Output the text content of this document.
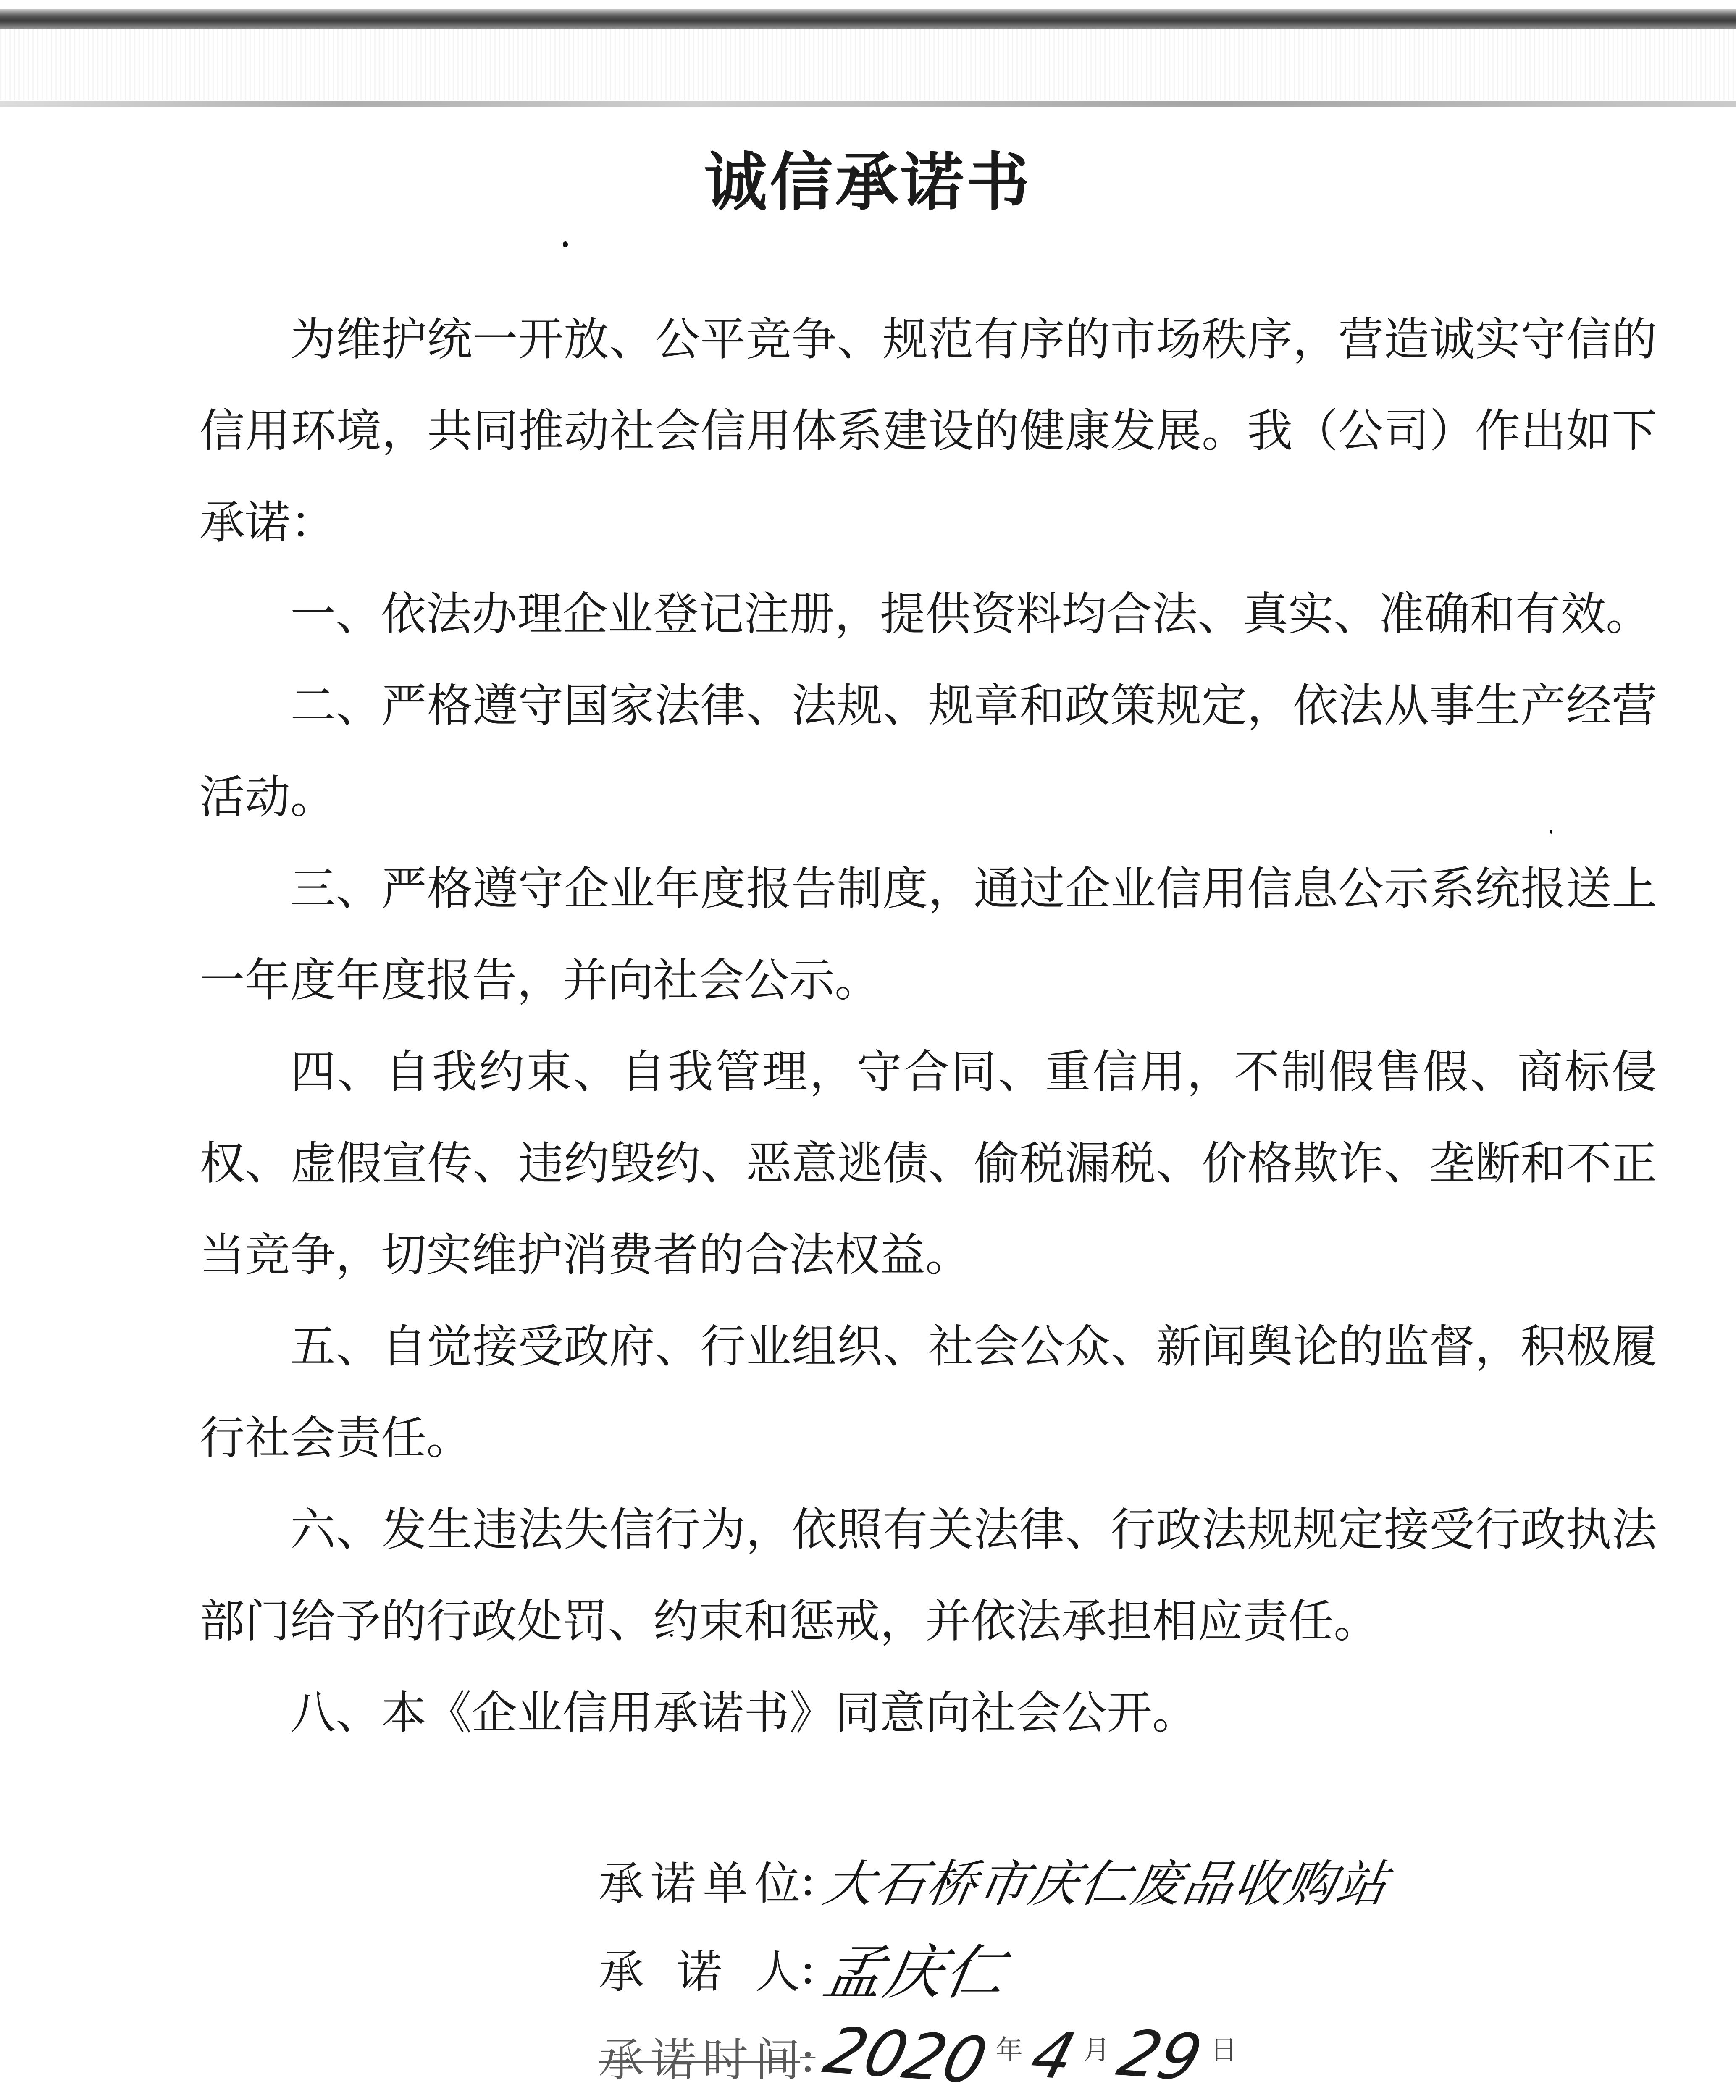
诚信承诺书

为维护统一开放、公平竞争、规范有序的市场秩序，营造诚实守信的信用环境，共同推动社会信用体系建设的健康发展。我（公司）作出如下承诺：

一、依法办理企业登记注册，提供资料均合法、真实、准确和有效。

二、严格遵守国家法律、法规、规章和政策规定，依法从事生产经营活动。

三、严格遵守企业年度报告制度，通过企业信用信息公示系统报送上一年度年度报告，并向社会公示。

四、自我约束、自我管理，守合同、重信用，不制假售假、商标侵权、虚假宣传、违约毁约、恶意逃债、偷税漏税、价格欺诈、垄断和不正当竞争，切实维护消费者的合法权益。

五、自觉接受政府、行业组织、社会公众、新闻舆论的监督，积极履行社会责任。

六、发生违法失信行为，依照有关法律、行政法规规定接受行政执法部门给予的行政处罚、约束和惩戒，并依法承担相应责任。

八、本《企业信用承诺书》同意向社会公开。

承诺单位 : 大石桥市庆仁废品收购站
承诺人 : 孟庆仁
承诺时间 : 2020 年 4 月 29 日
